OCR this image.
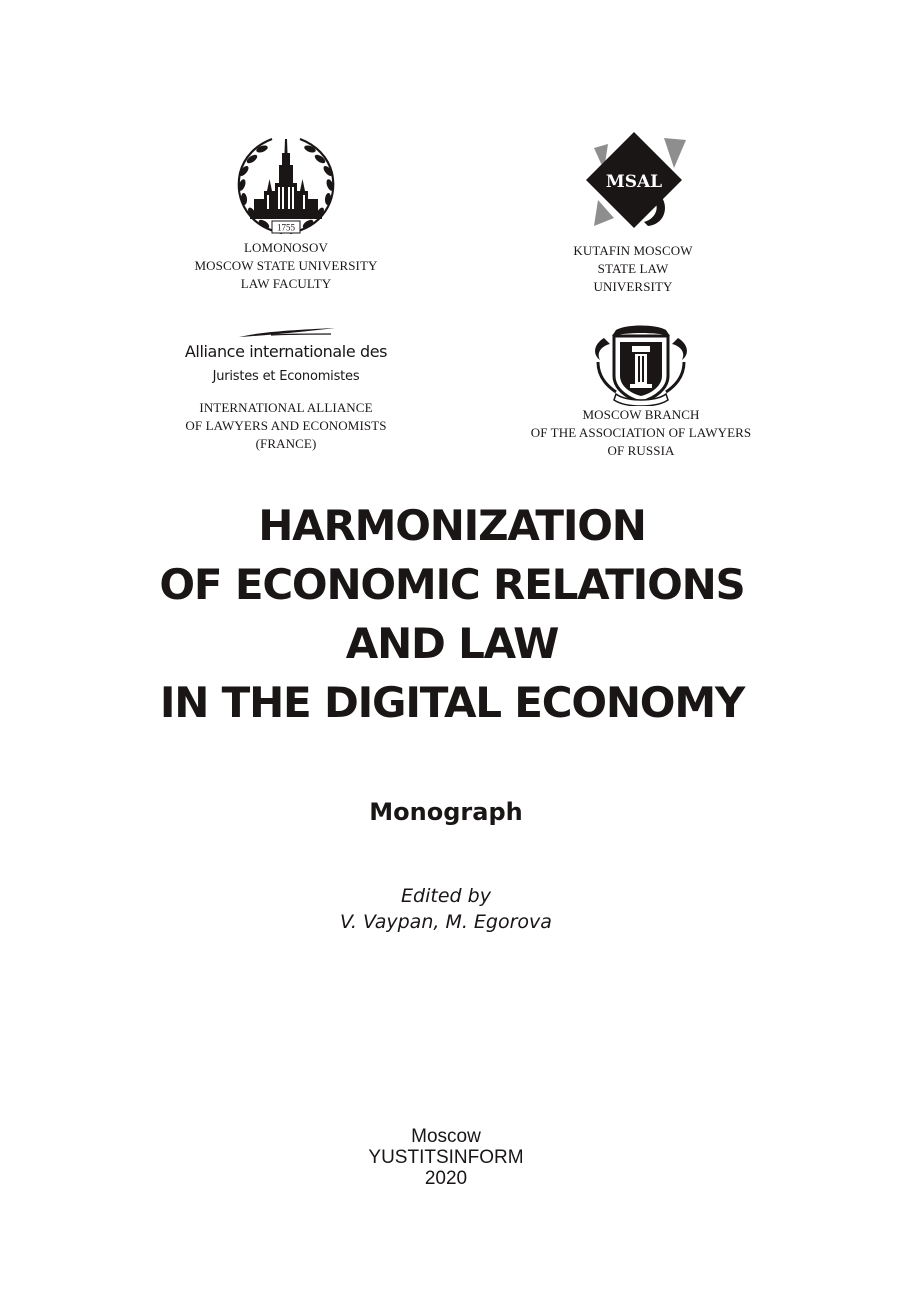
1755
LOMONOSOV
MOSCOW STATE UNIVERSITY
LAW FACULTY
MSAL
KUTAFIN MOSCOW
STATE LAW
UNIVERSITY
Alliance internationale des
Juristes et Economistes
INTERNATIONAL ALLIANCE
OF LAWYERS AND ECONOMISTS
(FRANCE)
MOSCOW BRANCH
OF THE ASSOCIATION OF LAWYERS
OF RUSSIA
HARMONIZATION
OF ECONOMIC RELATIONS
AND LAW
IN THE DIGITAL ECONOMY
Monograph
Edited by
V. Vaypan, M. Egorova
Moscow
YUSTITSINFORM
2020
